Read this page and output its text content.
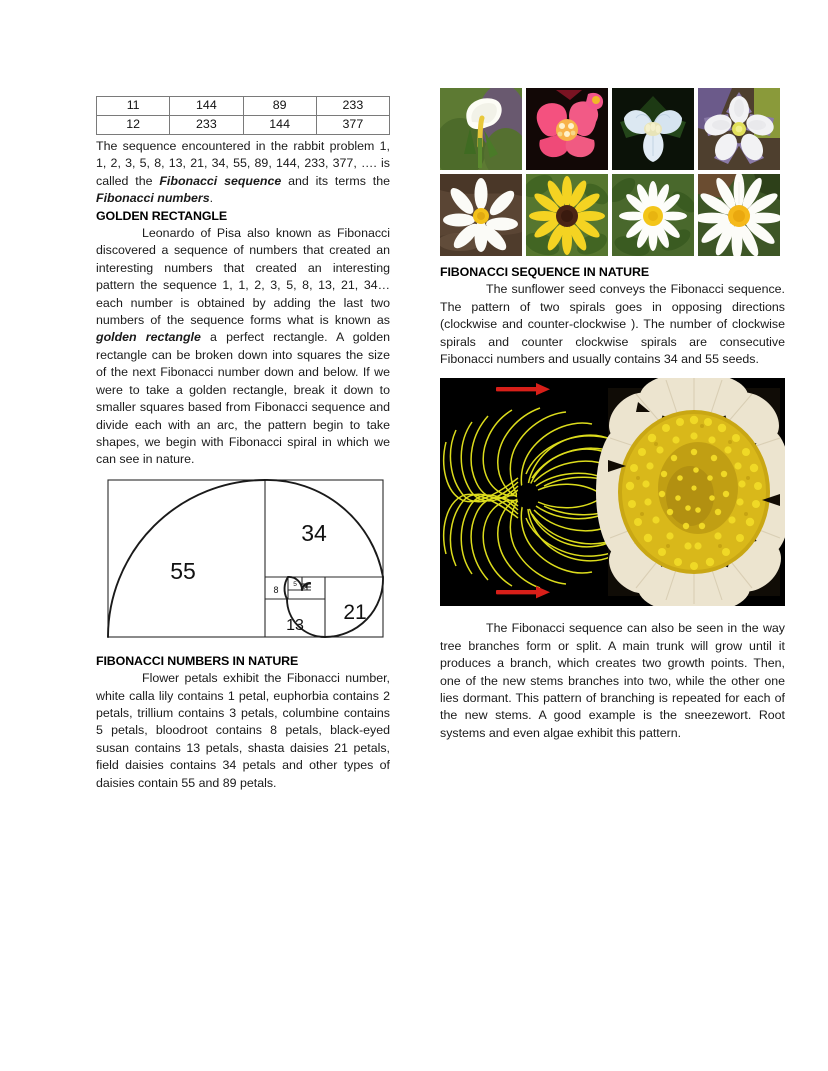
11	144	89	233
12	233	144	377

The sequence encountered in the rabbit problem 1, 1, 2, 3, 5, 8, 13, 21, 34, 55, 89, 144, 233, 377, …. is called the Fibonacci sequence and its terms the Fibonacci numbers.

GOLDEN RECTANGLE

Leonardo of Pisa also known as Fibonacci discovered a sequence of numbers that created an interesting numbers that created an interesting pattern the sequence 1, 1, 2, 3, 5, 8, 13, 21, 34… each number is obtained by adding the last two numbers of the sequence forms what is known as golden rectangle a perfect rectangle. A golden rectangle can be broken down into squares the size of the next Fibonacci number down and below. If we were to take a golden rectangle, break it down to smaller squares based from Fibonacci sequence and divide each with an arc, the pattern begin to take shapes, we begin with Fibonacci spiral in which we can see in nature.

55
34
21
13
8
5 3

FIBONACCI NUMBERS IN NATURE

Flower petals exhibit the Fibonacci number, white calla lily contains 1 petal, euphorbia contains 2 petals, trillium contains 3 petals, columbine contains 5 petals, bloodroot contains 8 petals, black-eyed susan contains 13 petals, shasta daisies 21 petals, field daisies contains 34 petals and other types of daisies contain 55 and 89 petals.

FIBONACCI SEQUENCE IN NATURE

The sunflower seed conveys the Fibonacci sequence. The pattern of two spirals goes in opposing directions (clockwise and counter-clockwise ). The number of clockwise spirals and counter clockwise spirals are consecutive Fibonacci numbers and usually contains 34 and 55 seeds.

The Fibonacci sequence can also be seen in the way tree branches form or split. A main trunk will grow until it produces a branch, which creates two growth points. Then, one of the new stems branches into two, while the other one lies dormant. This pattern of branching is repeated for each of the new stems. A good example is the sneezewort. Root systems and even algae exhibit this pattern.
